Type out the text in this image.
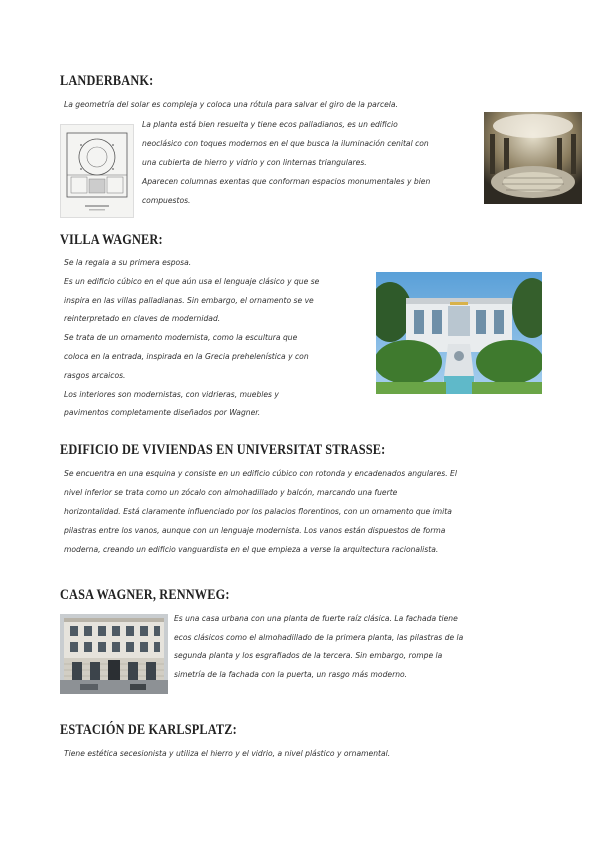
LANDERBANK:
La geometría del solar es compleja y coloca una rótula para salvar el giro de la parcela.
La planta está bien resuelta y tiene ecos palladianos, es un edificio
neoclásico con toques modernos en el que busca la iluminación cenital con
una cubierta de hierro y vidrio y con linternas triangulares.
Aparecen columnas exentas que conforman espacios monumentales y bien
compuestos.
VILLA WAGNER:
Se la regala a su primera esposa.
Es un edificio cúbico en el que aún usa el lenguaje clásico y que se
inspira en las villas palladianas. Sin embargo, el ornamento se ve
reinterpretado en claves de modernidad.
Se trata de un ornamento modernista, como la escultura que
coloca en la entrada, inspirada en la Grecia prehelenística y con
rasgos arcaicos.
Los interiores son modernistas, con vidrieras, muebles y
pavimentos completamente diseñados por Wagner.
EDIFICIO DE VIVIENDAS EN UNIVERSITAT STRASSE:
Se encuentra en una esquina y consiste en un edificio cúbico con rotonda y encadenados angulares. El
nivel inferior se trata como un zócalo con almohadillado y balcón, marcando una fuerte
horizontalidad. Está claramente influenciado por los palacios florentinos, con un ornamento que imita
pilastras entre los vanos, aunque con un lenguaje modernista. Los vanos están dispuestos de forma
moderna, creando un edificio vanguardista en el que empieza a verse la arquitectura racionalista.
CASA WAGNER, RENNWEG:
Es una casa urbana con una planta de fuerte raíz clásica. La fachada tiene
ecos clásicos como el almohadillado de la primera planta, las pilastras de la
segunda planta y los esgrafiados de la tercera. Sin embargo, rompe la
simetría de la fachada con la puerta, un rasgo más moderno.
ESTACIÓN DE KARLSPLATZ:
Tiene estética secesionista y utiliza el hierro y el vidrio, a nivel plástico y ornamental.
